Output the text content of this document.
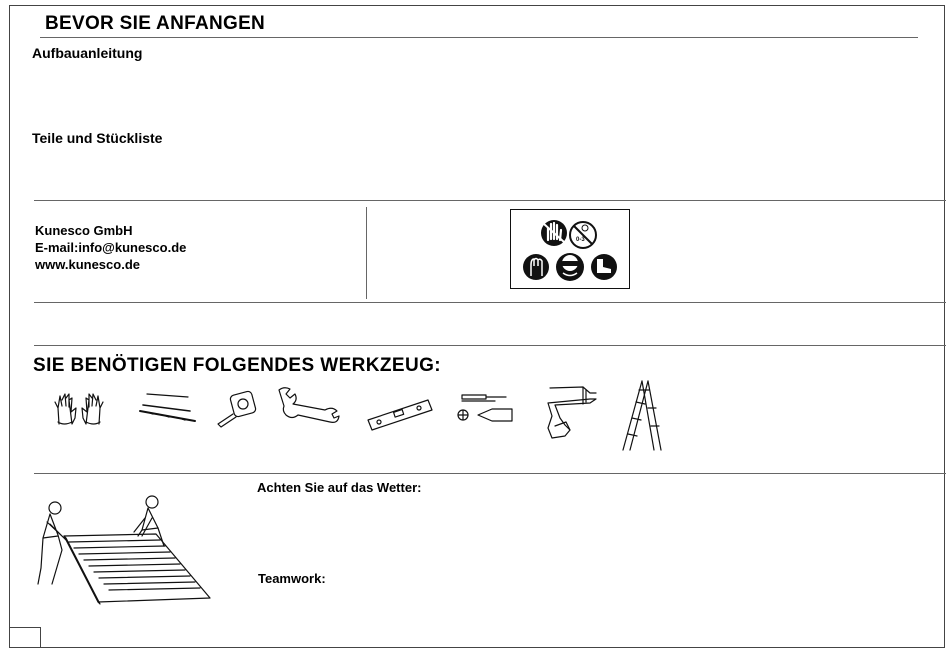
BEVOR SIE ANFANGEN
Aufbauanleitung
Teile und Stückliste
Kunesco GmbH
E-mail:info@kunesco.de
www.kunesco.de
0-3
SIE BENÖTIGEN FOLGENDES WERKZEUG:
Achten Sie auf das Wetter:
Teamwork:
